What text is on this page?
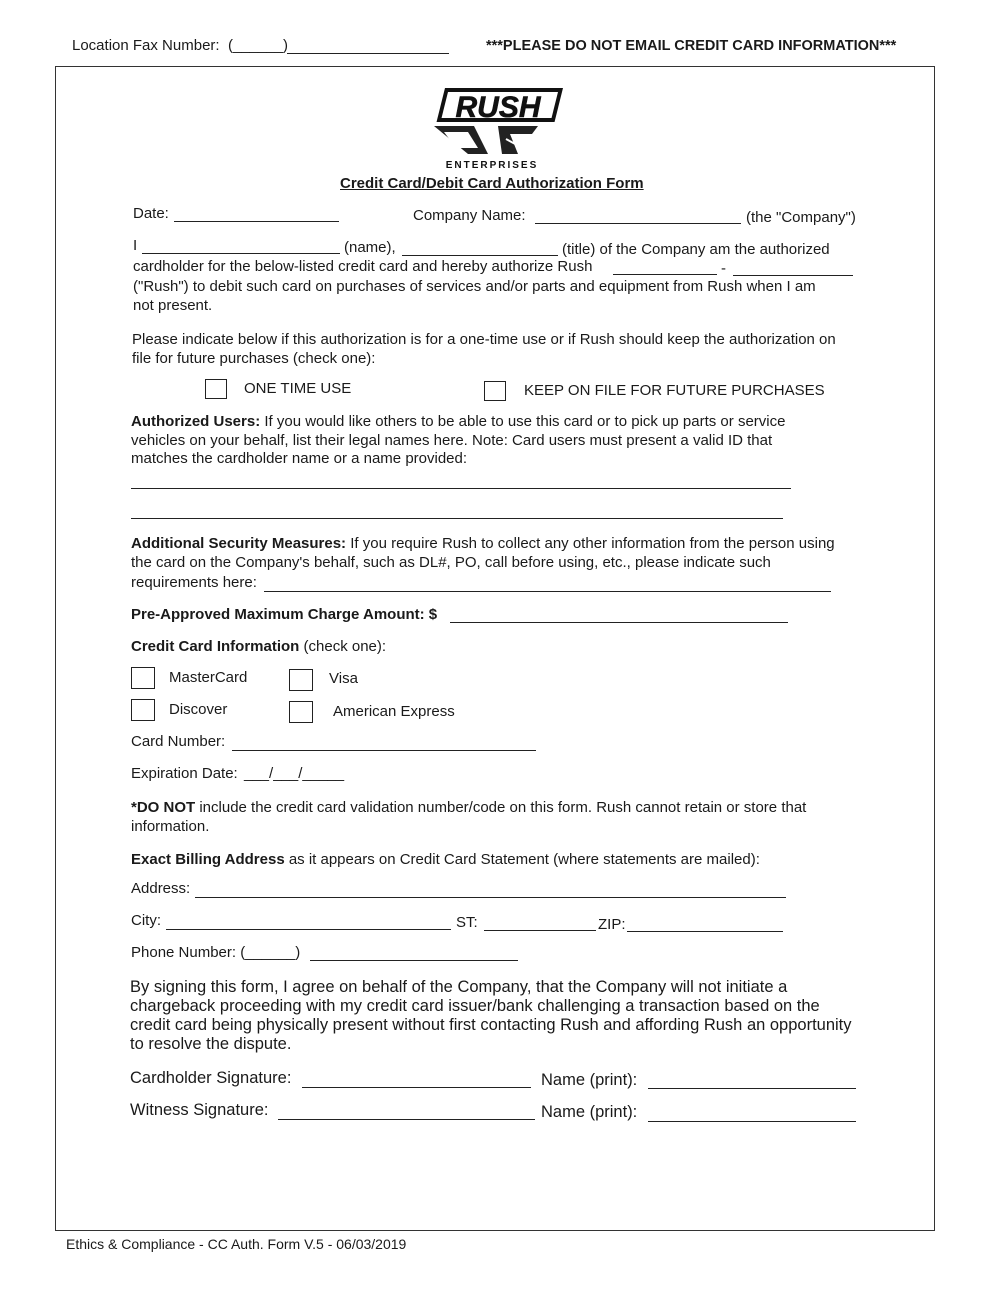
Location Fax Number: (______)	***PLEASE DO NOT EMAIL CREDIT CARD INFORMATION***
RUSH
ENTERPRISES
Credit Card/Debit Card Authorization Form
Date:	Company Name:	(the "Company")
I	(name),	(title) of the Company am the authorized
cardholder for the below-listed credit card and hereby authorize Rush	-
("Rush") to debit such card on purchases of services and/or parts and equipment from Rush when I am
not present.
Please indicate below if this authorization is for a one-time use or if Rush should keep the authorization on file for future purchases (check one):
ONE TIME USE	KEEP ON FILE FOR FUTURE PURCHASES
Authorized Users: If you would like others to be able to use this card or to pick up parts or service vehicles on your behalf, list their legal names here. Note: Card users must present a valid ID that matches the cardholder name or a name provided:
Additional Security Measures: If you require Rush to collect any other information from the person using the card on the Company's behalf, such as DL#, PO, call before using, etc., please indicate such
requirements here:
Pre-Approved Maximum Charge Amount: $
Credit Card Information (check one):
MasterCard	Visa
Discover	American Express
Card Number:
Expiration Date: ___/___/_____
*DO NOT include the credit card validation number/code on this form. Rush cannot retain or store that information.
Exact Billing Address as it appears on Credit Card Statement (where statements are mailed):
Address:
City:	ST:	ZIP:
Phone Number: (______)
By signing this form, I agree on behalf of the Company, that the Company will not initiate a chargeback proceeding with my credit card issuer/bank challenging a transaction based on the credit card being physically present without first contacting Rush and affording Rush an opportunity to resolve the dispute.
Cardholder Signature:	Name (print):
Witness Signature:	Name (print):
Ethics & Compliance - CC Auth. Form V.5 - 06/03/2019
